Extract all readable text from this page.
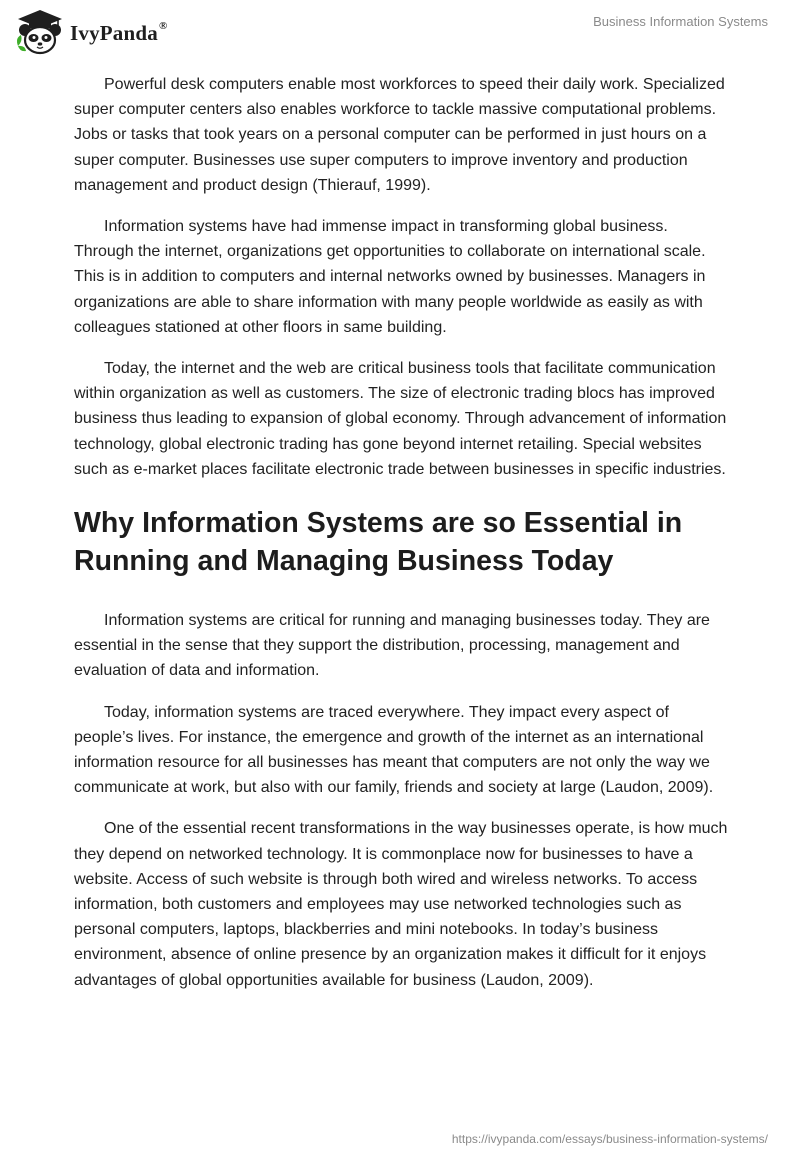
IvyPanda®	Business Information Systems

Powerful desk computers enable most workforces to speed their daily work. Specialized super computer centers also enables workforce to tackle massive computational problems. Jobs or tasks that took years on a personal computer can be performed in just hours on a super computer. Businesses use super computers to improve inventory and production management and product design (Thierauf, 1999).

Information systems have had immense impact in transforming global business. Through the internet, organizations get opportunities to collaborate on international scale. This is in addition to computers and internal networks owned by businesses. Managers in organizations are able to share information with many people worldwide as easily as with colleagues stationed at other floors in same building.

Today, the internet and the web are critical business tools that facilitate communication within organization as well as customers. The size of electronic trading blocs has improved business thus leading to expansion of global economy. Through advancement of information technology, global electronic trading has gone beyond internet retailing. Special websites such as e-market places facilitate electronic trade between businesses in specific industries.

Why Information Systems are so Essential in Running and Managing Business Today

Information systems are critical for running and managing businesses today. They are essential in the sense that they support the distribution, processing, management and evaluation of data and information.

Today, information systems are traced everywhere. They impact every aspect of people’s lives. For instance, the emergence and growth of the internet as an international information resource for all businesses has meant that computers are not only the way we communicate at work, but also with our family, friends and society at large (Laudon, 2009).

One of the essential recent transformations in the way businesses operate, is how much they depend on networked technology. It is commonplace now for businesses to have a website. Access of such website is through both wired and wireless networks. To access information, both customers and employees may use networked technologies such as personal computers, laptops, blackberries and mini notebooks. In today’s business environment, absence of online presence by an organization makes it difficult for it enjoys advantages of global opportunities available for business (Laudon, 2009).

https://ivypanda.com/essays/business-information-systems/
